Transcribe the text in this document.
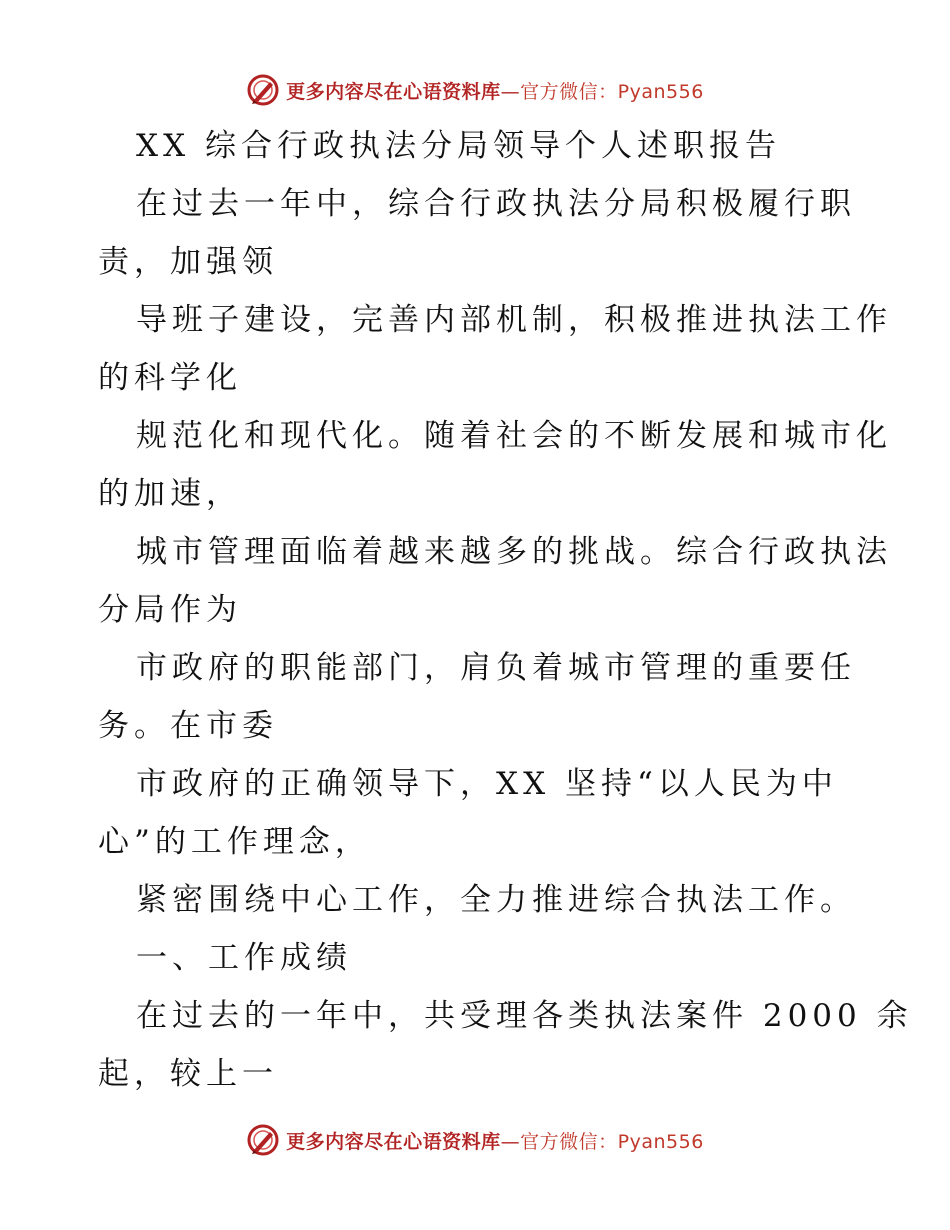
更多内容尽在心语资料库—官方微信：Pyan556
XX 综合行政执法分局领导个人述职报告
在过去一年中，综合行政执法分局积极履行职
责，加强领
导班子建设，完善内部机制，积极推进执法工作
的科学化
规范化和现代化。随着社会的不断发展和城市化
的加速，
城市管理面临着越来越多的挑战。综合行政执法
分局作为
市政府的职能部门，肩负着城市管理的重要任
务。在市委
市政府的正确领导下，XX 坚持“以人民为中
心”的工作理念，
紧密围绕中心工作，全力推进综合执法工作。
一、工作成绩
在过去的一年中，共受理各类执法案件 2000 余
起，较上一
更多内容尽在心语资料库—官方微信：Pyan556
